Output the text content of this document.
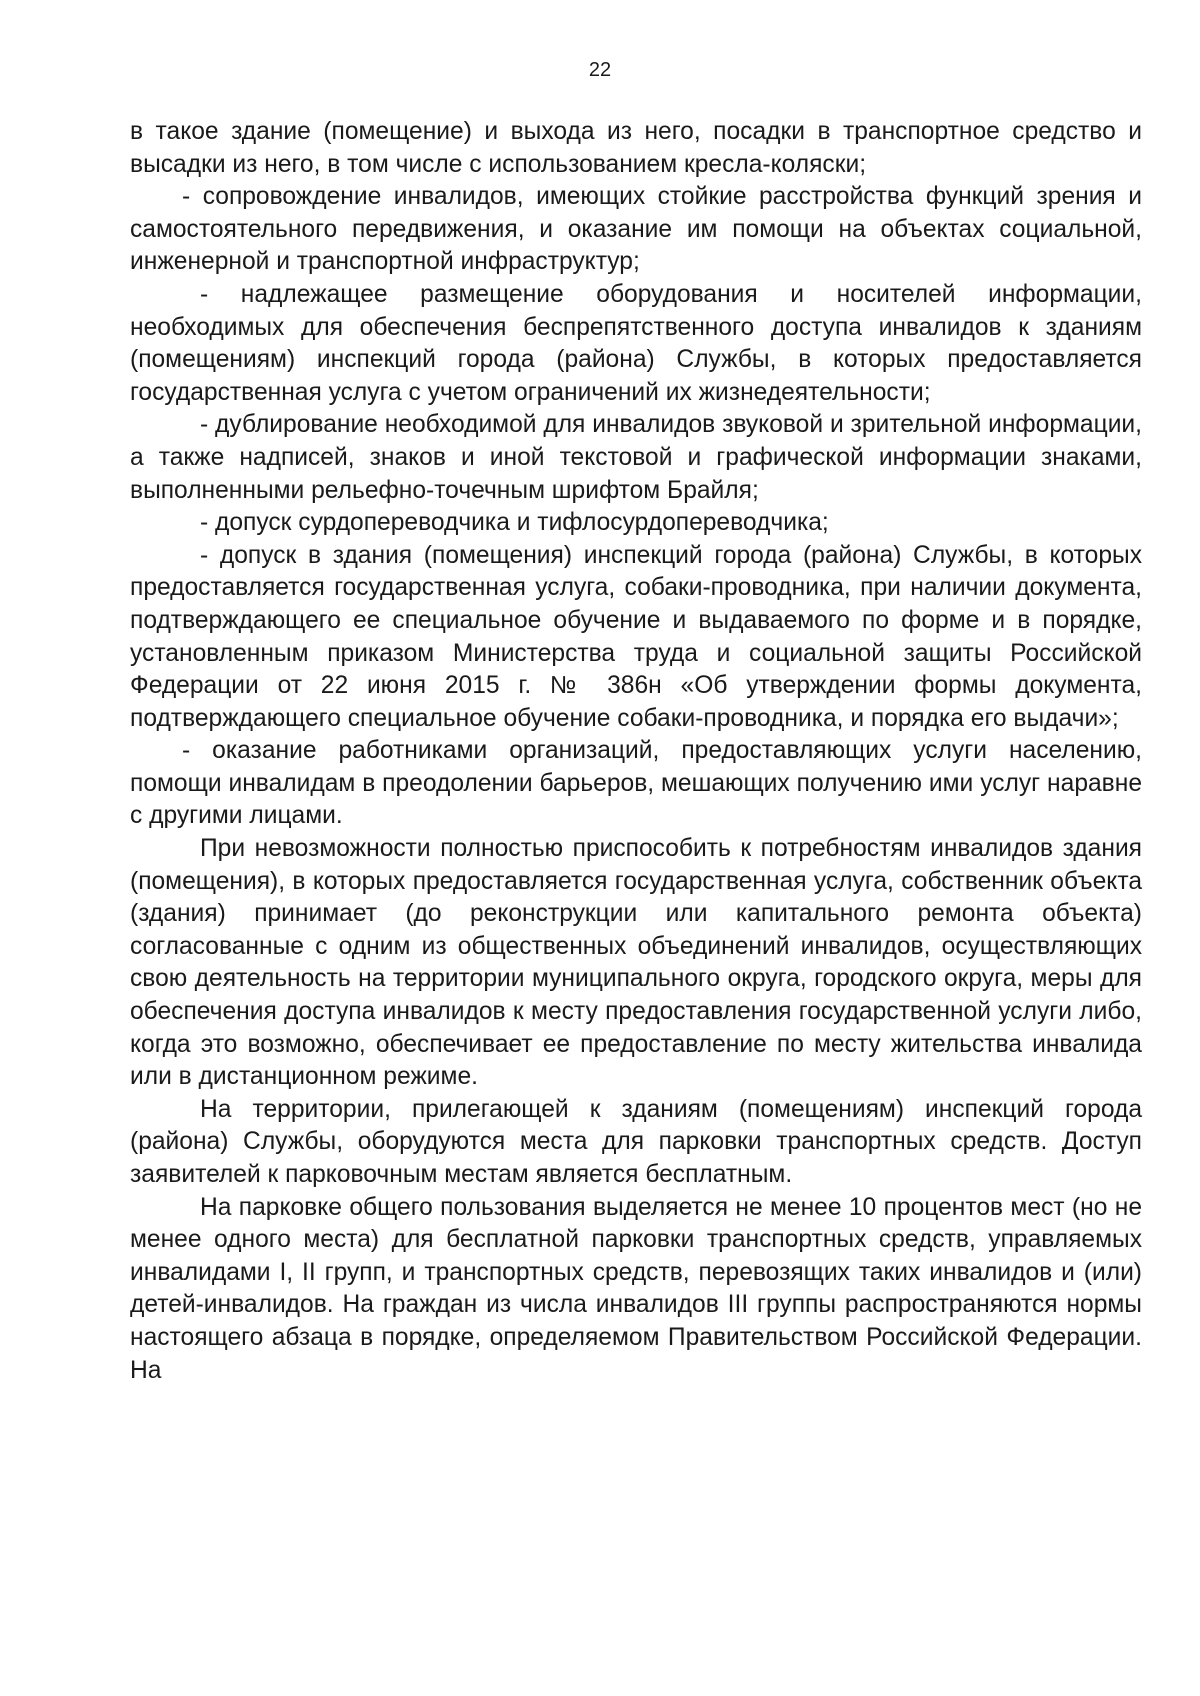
22

в такое здание (помещение) и выхода из него, посадки в транспортное средство и высадки из него, в том числе с использованием кресла-коляски;

- сопровождение инвалидов, имеющих стойкие расстройства функций зрения и самостоятельного передвижения, и оказание им помощи на объектах социальной, инженерной и транспортной инфраструктур;

- надлежащее размещение оборудования и носителей информации, необходимых для обеспечения беспрепятственного доступа инвалидов к зданиям (помещениям) инспекций города (района) Службы, в которых предоставляется государственная услуга с учетом ограничений их жизнедеятельности;

- дублирование необходимой для инвалидов звуковой и зрительной информации, а также надписей, знаков и иной текстовой и графической информации знаками, выполненными рельефно-точечным шрифтом Брайля;

- допуск сурдопереводчика и тифлосурдопереводчика;

- допуск в здания (помещения) инспекций города (района) Службы, в которых предоставляется государственная услуга, собаки-проводника, при наличии документа, подтверждающего ее специальное обучение и выдаваемого по форме и в порядке, установленным приказом Министерства труда и социальной защиты Российской Федерации от 22 июня 2015 г. № 386н «Об утверждении формы документа, подтверждающего специальное обучение собаки-проводника, и порядка его выдачи»;

- оказание работниками организаций, предоставляющих услуги населению, помощи инвалидам в преодолении барьеров, мешающих получению ими услуг наравне с другими лицами.

При невозможности полностью приспособить к потребностям инвалидов здания (помещения), в которых предоставляется государственная услуга, собственник объекта (здания) принимает (до реконструкции или капитального ремонта объекта) согласованные с одним из общественных объединений инвалидов, осуществляющих свою деятельность на территории муниципального округа, городского округа, меры для обеспечения доступа инвалидов к месту предоставления государственной услуги либо, когда это возможно, обеспечивает ее предоставление по месту жительства инвалида или в дистанционном режиме.

На территории, прилегающей к зданиям (помещениям) инспекций города (района) Службы, оборудуются места для парковки транспортных средств. Доступ заявителей к парковочным местам является бесплатным.

На парковке общего пользования выделяется не менее 10 процентов мест (но не менее одного места) для бесплатной парковки транспортных средств, управляемых инвалидами I, II групп, и транспортных средств, перевозящих таких инвалидов и (или) детей-инвалидов. На граждан из числа инвалидов III группы распространяются нормы настоящего абзаца в порядке, определяемом Правительством Российской Федерации. На
